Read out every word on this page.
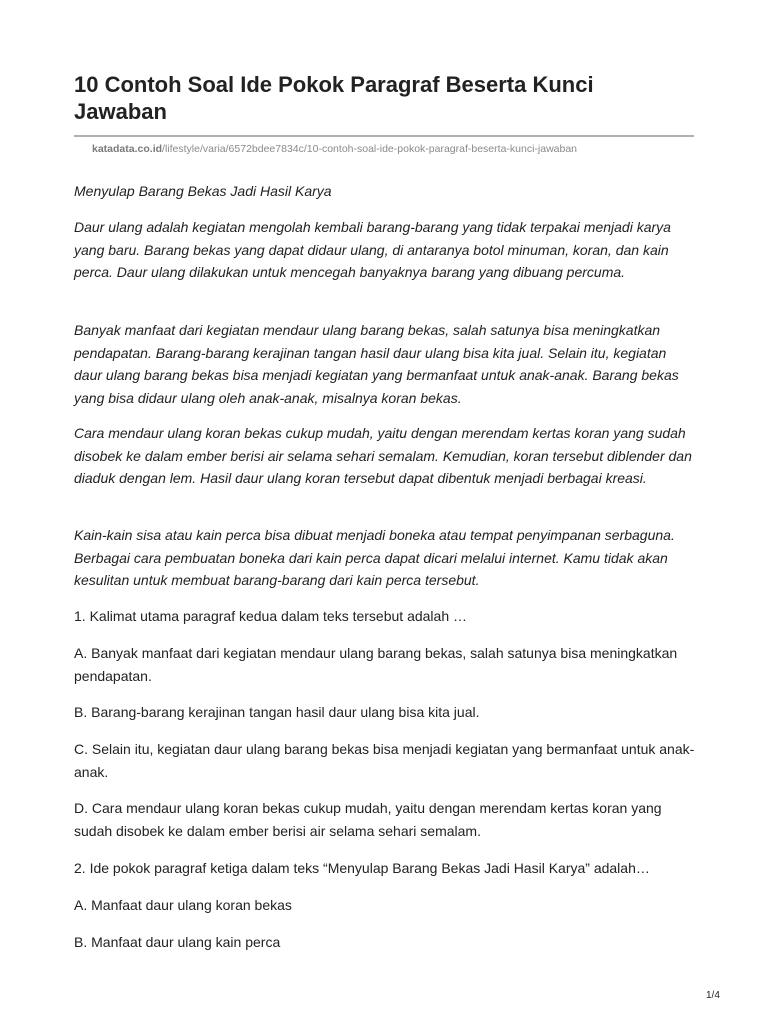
10 Contoh Soal Ide Pokok Paragraf Beserta Kunci Jawaban
katadata.co.id/lifestyle/varia/6572bdee7834c/10-contoh-soal-ide-pokok-paragraf-beserta-kunci-jawaban

Menyulap Barang Bekas Jadi Hasil Karya

Daur ulang adalah kegiatan mengolah kembali barang-barang yang tidak terpakai menjadi karya yang baru. Barang bekas yang dapat didaur ulang, di antaranya botol minuman, koran, dan kain perca. Daur ulang dilakukan untuk mencegah banyaknya barang yang dibuang percuma.

Banyak manfaat dari kegiatan mendaur ulang barang bekas, salah satunya bisa meningkatkan pendapatan. Barang-barang kerajinan tangan hasil daur ulang bisa kita jual. Selain itu, kegiatan daur ulang barang bekas bisa menjadi kegiatan yang bermanfaat untuk anak-anak. Barang bekas yang bisa didaur ulang oleh anak-anak, misalnya koran bekas.

Cara mendaur ulang koran bekas cukup mudah, yaitu dengan merendam kertas koran yang sudah disobek ke dalam ember berisi air selama sehari semalam. Kemudian, koran tersebut diblender dan diaduk dengan lem. Hasil daur ulang koran tersebut dapat dibentuk menjadi berbagai kreasi.

Kain-kain sisa atau kain perca bisa dibuat menjadi boneka atau tempat penyimpanan serbaguna. Berbagai cara pembuatan boneka dari kain perca dapat dicari melalui internet. Kamu tidak akan kesulitan untuk membuat barang-barang dari kain perca tersebut.

1. Kalimat utama paragraf kedua dalam teks tersebut adalah …

A. Banyak manfaat dari kegiatan mendaur ulang barang bekas, salah satunya bisa meningkatkan pendapatan.

B. Barang-barang kerajinan tangan hasil daur ulang bisa kita jual.

C. Selain itu, kegiatan daur ulang barang bekas bisa menjadi kegiatan yang bermanfaat untuk anak-anak.

D. Cara mendaur ulang koran bekas cukup mudah, yaitu dengan merendam kertas koran yang sudah disobek ke dalam ember berisi air selama sehari semalam.

2. Ide pokok paragraf ketiga dalam teks “Menyulap Barang Bekas Jadi Hasil Karya” adalah…

A. Manfaat daur ulang koran bekas

B. Manfaat daur ulang kain perca

1/4
